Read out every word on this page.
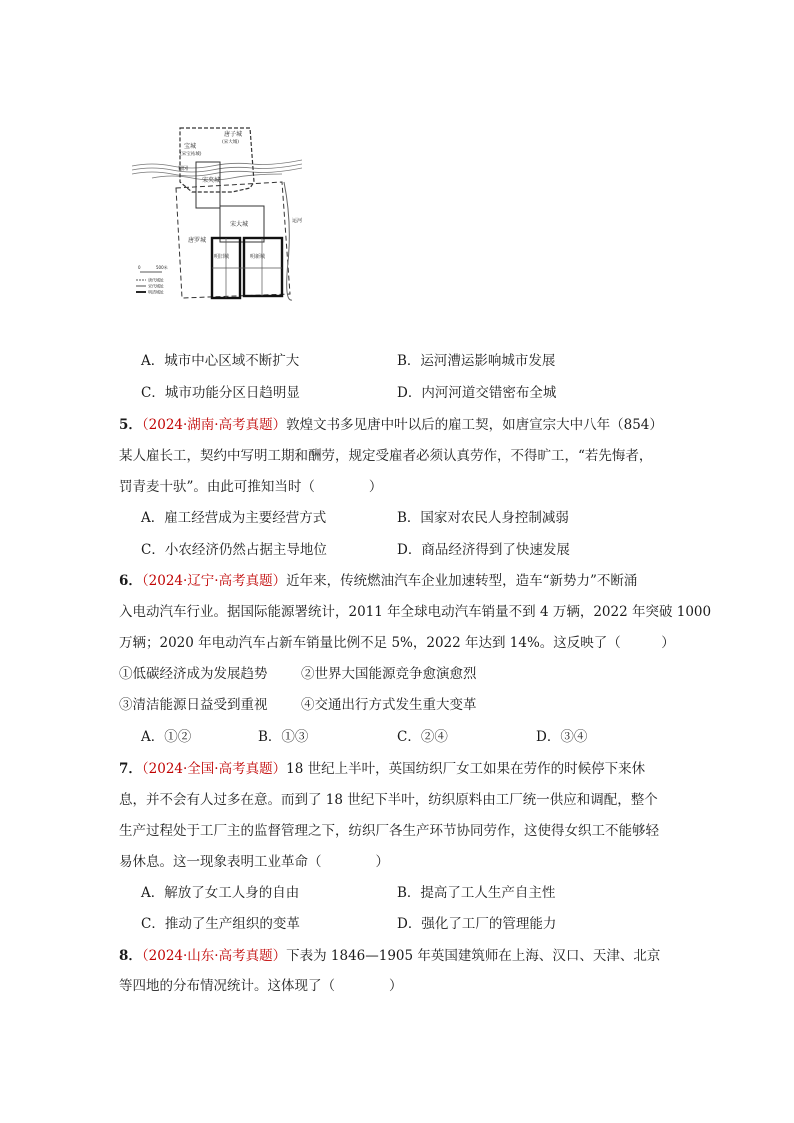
唐子城
(宋大城)
宝城
(宋宝祐城)
宋夹城
宋大城
唐罗城
明旧城	明新城
运河
蜀冈
0	500米
唐代城址
宋代城址
明清城址
A．城市中心区域不断扩大	B．运河漕运影响城市发展
C．城市功能分区日趋明显	D．内河河道交错密布全城
5．（2024·湖南·高考真题）敦煌文书多见唐中叶以后的雇工契，如唐宣宗大中八年（854）
某人雇长工，契约中写明工期和酬劳，规定受雇者必须认真劳作，不得旷工，“若先悔者，
罚青麦十驮”。由此可推知当时（　　　　）
A．雇工经营成为主要经营方式	B．国家对农民人身控制减弱
C．小农经济仍然占据主导地位	D．商品经济得到了快速发展
6．（2024·辽宁·高考真题）近年来，传统燃油汽车企业加速转型，造车“新势力”不断涌
入电动汽车行业。据国际能源署统计，2011 年全球电动汽车销量不到 4 万辆，2022 年突破 1000
万辆；2020 年电动汽车占新车销量比例不足 5%，2022 年达到 14%。这反映了（　　　）
①低碳经济成为发展趋势 ②世界大国能源竞争愈演愈烈
③清洁能源日益受到重视 ④交通出行方式发生重大变革
A．①②	B．①③	C．②④	D．③④
7．（2024·全国·高考真题）18 世纪上半叶，英国纺织厂女工如果在劳作的时候停下来休
息，并不会有人过多在意。而到了 18 世纪下半叶，纺织原料由工厂统一供应和调配，整个
生产过程处于工厂主的监督管理之下，纺织厂各生产环节协同劳作，这使得女织工不能够轻
易休息。这一现象表明工业革命（　　　　）
A．解放了女工人身的自由	B．提高了工人生产自主性
C．推动了生产组织的变革	D．强化了工厂的管理能力
8．（2024·山东·高考真题）下表为 1846—1905 年英国建筑师在上海、汉口、天津、北京
等四地的分布情况统计。这体现了（　　　　）
